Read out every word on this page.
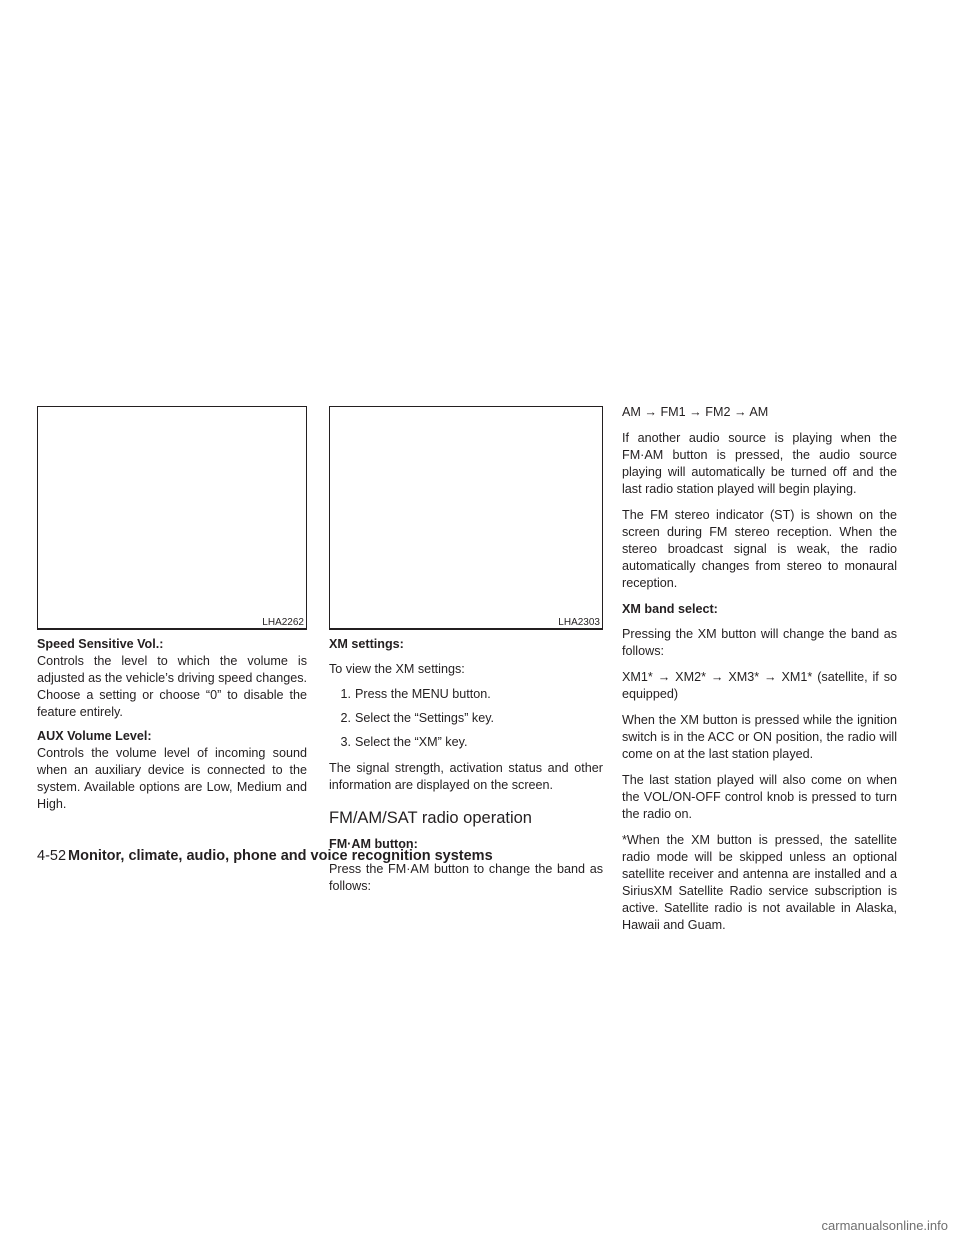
LHA2262

Speed Sensitive Vol.:

Controls the level to which the volume is adjusted as the vehicle’s driving speed changes. Choose a setting or choose “0” to disable the feature entirely.

AUX Volume Level:

Controls the volume level of incoming sound when an auxiliary device is connected to the system. Available options are Low, Medium and High.

LHA2303

XM settings:

To view the XM settings:

1. Press the MENU button.
2. Select the “Settings” key.
3. Select the “XM” key.

The signal strength, activation status and other information are displayed on the screen.

FM/AM/SAT radio operation

FM·AM button:

Press the FM·AM button to change the band as follows:

AM → FM1 → FM2 → AM

If another audio source is playing when the FM·AM button is pressed, the audio source playing will automatically be turned off and the last radio station played will begin playing.

The FM stereo indicator (ST) is shown on the screen during FM stereo reception. When the stereo broadcast signal is weak, the radio automatically changes from stereo to monaural reception.

XM band select:

Pressing the XM button will change the band as follows:

XM1* → XM2* → XM3* → XM1* (satellite, if so equipped)

When the XM button is pressed while the ignition switch is in the ACC or ON position, the radio will come on at the last station played.

The last station played will also come on when the VOL/ON-OFF control knob is pressed to turn the radio on.

*When the XM button is pressed, the satellite radio mode will be skipped unless an optional satellite receiver and antenna are installed and a SiriusXM Satellite Radio service subscription is active. Satellite radio is not available in Alaska, Hawaii and Guam.

4-52 Monitor, climate, audio, phone and voice recognition systems
carmanualsonline.info
